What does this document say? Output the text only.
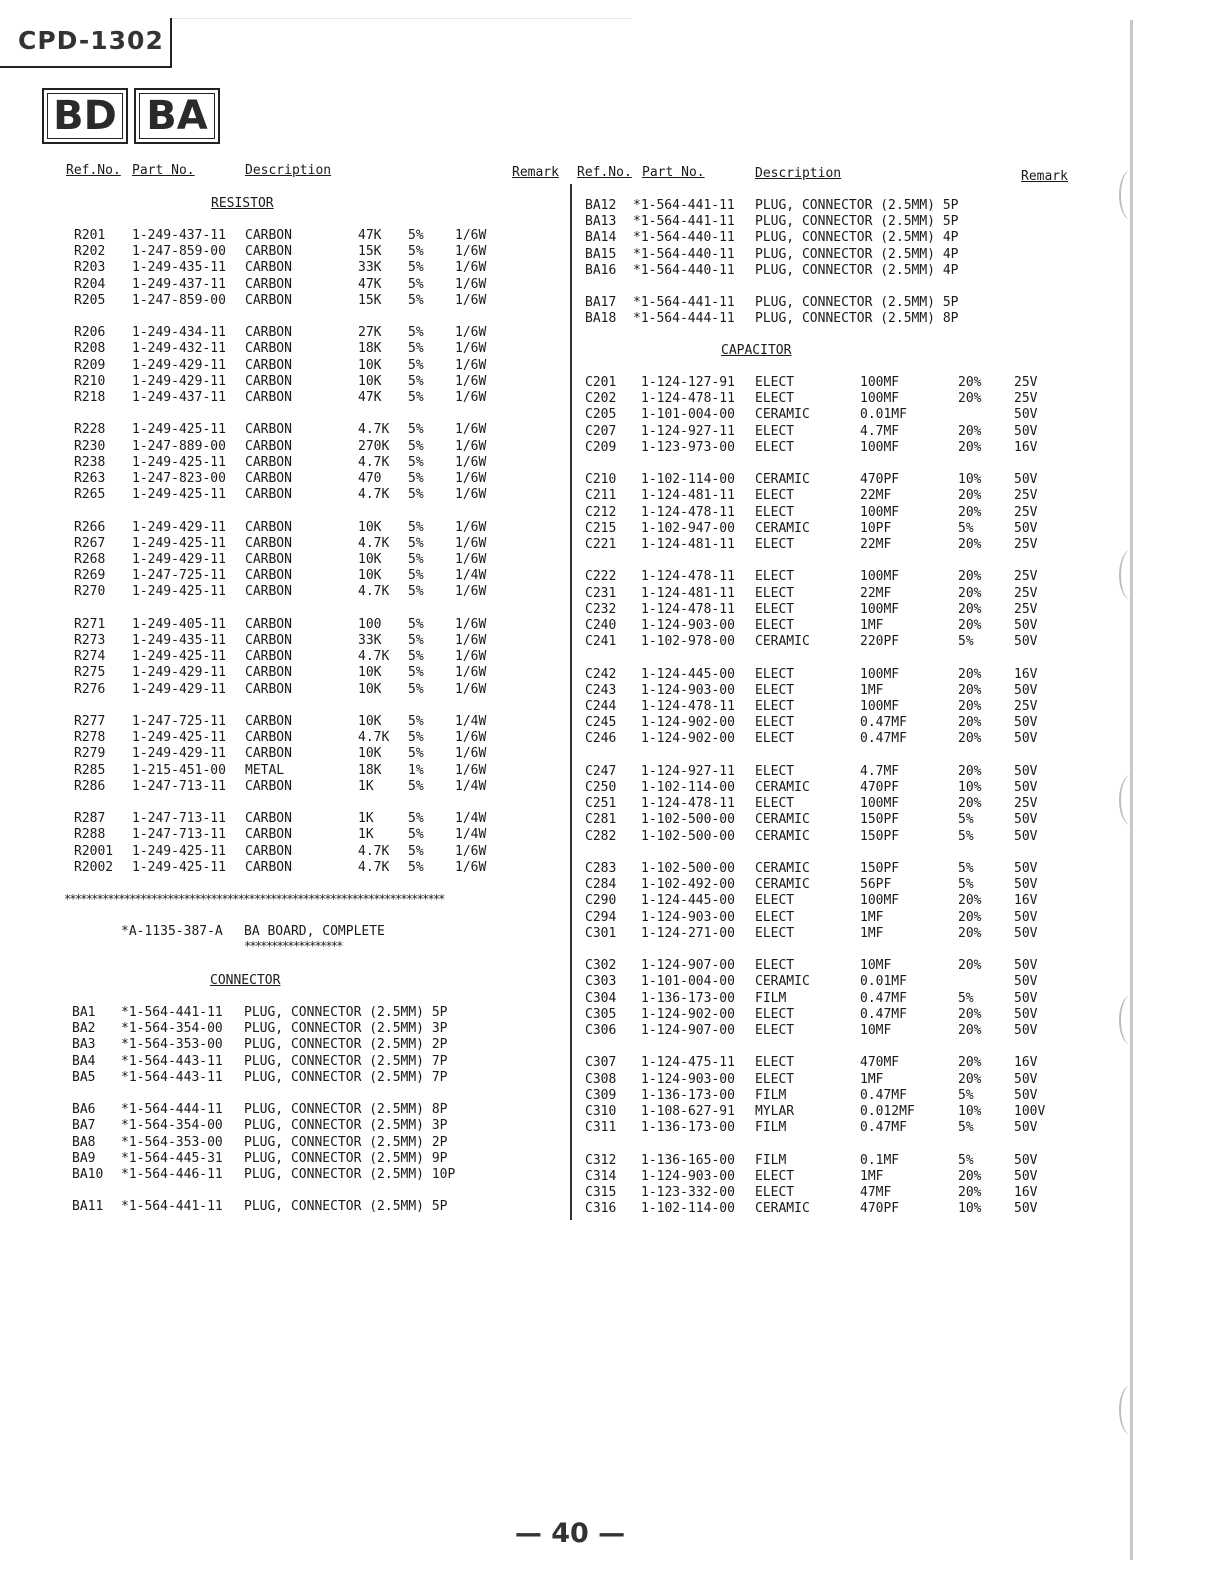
CPD-1302
BD BA
Ref.No. Part No.	Description	Remark Ref.No. Part No.	Description	Remark
RESISTOR
R201 1-249-437-11 CARBON	47K 5% 1/6W
R202 1-247-859-00 CARBON	15K 5% 1/6W
R203 1-249-435-11 CARBON	33K 5% 1/6W
R204 1-249-437-11 CARBON	47K 5% 1/6W
R205 1-247-859-00 CARBON	15K 5% 1/6W
R206 1-249-434-11 CARBON	27K 5% 1/6W
R208 1-249-432-11 CARBON	18K 5% 1/6W
R209 1-249-429-11 CARBON	10K 5% 1/6W
R210 1-249-429-11 CARBON	10K 5% 1/6W
R218 1-249-437-11 CARBON	47K 5% 1/6W
R228 1-249-425-11 CARBON	4.7K 5% 1/6W
R230 1-247-889-00 CARBON	270K 5% 1/6W
R238 1-249-425-11 CARBON	4.7K 5% 1/6W
R263 1-247-823-00 CARBON	470 5% 1/6W
R265 1-249-425-11 CARBON	4.7K 5% 1/6W
R266 1-249-429-11 CARBON	10K 5% 1/6W
R267 1-249-425-11 CARBON	4.7K 5% 1/6W
R268 1-249-429-11 CARBON	10K 5% 1/6W
R269 1-247-725-11 CARBON	10K 5% 1/4W
R270 1-249-425-11 CARBON	4.7K 5% 1/6W
R271 1-249-405-11 CARBON	100 5% 1/6W
R273 1-249-435-11 CARBON	33K 5% 1/6W
R274 1-249-425-11 CARBON	4.7K 5% 1/6W
R275 1-249-429-11 CARBON	10K 5% 1/6W
R276 1-249-429-11 CARBON	10K 5% 1/6W
R277 1-247-725-11 CARBON	10K 5% 1/4W
R278 1-249-425-11 CARBON	4.7K 5% 1/6W
R279 1-249-429-11 CARBON	10K 5% 1/6W
R285 1-215-451-00 METAL	18K 1% 1/6W
R286 1-247-713-11 CARBON	1K	5% 1/4W
R287 1-247-713-11 CARBON	1K	5% 1/4W
R288 1-247-713-11 CARBON	1K	5% 1/4W
R2001 1-249-425-11 CARBON	4.7K 5% 1/6W
R2002 1-249-425-11 CARBON	4.7K 5% 1/6W
**********************************************************************
*A-1135-387-A BA BOARD, COMPLETE
******************
CONNECTOR
BA1 *1-564-441-11 PLUG, CONNECTOR (2.5MM) 5P
BA2 *1-564-354-00 PLUG, CONNECTOR (2.5MM) 3P
BA3 *1-564-353-00 PLUG, CONNECTOR (2.5MM) 2P
BA4 *1-564-443-11 PLUG, CONNECTOR (2.5MM) 7P
BA5 *1-564-443-11 PLUG, CONNECTOR (2.5MM) 7P
BA6 *1-564-444-11 PLUG, CONNECTOR (2.5MM) 8P
BA7 *1-564-354-00 PLUG, CONNECTOR (2.5MM) 3P
BA8 *1-564-353-00 PLUG, CONNECTOR (2.5MM) 2P
BA9 *1-564-445-31 PLUG, CONNECTOR (2.5MM) 9P
BA10 *1-564-446-11 PLUG, CONNECTOR (2.5MM) 10P
BA11 *1-564-441-11 PLUG, CONNECTOR (2.5MM) 5P
BA12 *1-564-441-11 PLUG, CONNECTOR (2.5MM) 5P
BA13 *1-564-441-11 PLUG, CONNECTOR (2.5MM) 5P
BA14 *1-564-440-11 PLUG, CONNECTOR (2.5MM) 4P
BA15 *1-564-440-11 PLUG, CONNECTOR (2.5MM) 4P
BA16 *1-564-440-11 PLUG, CONNECTOR (2.5MM) 4P
BA17 *1-564-441-11 PLUG, CONNECTOR (2.5MM) 5P
BA18 *1-564-444-11 PLUG, CONNECTOR (2.5MM) 8P
CAPACITOR
C201 1-124-127-91 ELECT	100MF	20%	25V
C202 1-124-478-11 ELECT	100MF	20%	25V
C205 1-101-004-00 CERAMIC	0.01MF	50V
C207 1-124-927-11 ELECT	4.7MF	20%	50V
C209 1-123-973-00 ELECT	100MF	20%	16V
C210 1-102-114-00 CERAMIC	470PF	10%	50V
C211 1-124-481-11 ELECT	22MF	20%	25V
C212 1-124-478-11 ELECT	100MF	20%	25V
C215 1-102-947-00 CERAMIC	10PF	5%	50V
C221 1-124-481-11 ELECT	22MF	20%	25V
C222 1-124-478-11 ELECT	100MF	20%	25V
C231 1-124-481-11 ELECT	22MF	20%	25V
C232 1-124-478-11 ELECT	100MF	20%	25V
C240 1-124-903-00 ELECT	1MF	20%	50V
C241 1-102-978-00 CERAMIC	220PF	5%	50V
C242 1-124-445-00 ELECT	100MF	20%	16V
C243 1-124-903-00 ELECT	1MF	20%	50V
C244 1-124-478-11 ELECT	100MF	20%	25V
C245 1-124-902-00 ELECT	0.47MF	20%	50V
C246 1-124-902-00 ELECT	0.47MF	20%	50V
C247 1-124-927-11 ELECT	4.7MF	20%	50V
C250 1-102-114-00 CERAMIC	470PF	10%	50V
C251 1-124-478-11 ELECT	100MF	20%	25V
C281 1-102-500-00 CERAMIC	150PF	5%	50V
C282 1-102-500-00 CERAMIC	150PF	5%	50V
C283 1-102-500-00 CERAMIC	150PF	5%	50V
C284 1-102-492-00 CERAMIC	56PF	5%	50V
C290 1-124-445-00 ELECT	100MF	20%	16V
C294 1-124-903-00 ELECT	1MF	20%	50V
C301 1-124-271-00 ELECT	1MF	20%	50V
C302 1-124-907-00 ELECT	10MF	20%	50V
C303 1-101-004-00 CERAMIC	0.01MF	50V
C304 1-136-173-00 FILM	0.47MF	5%	50V
C305 1-124-902-00 ELECT	0.47MF	20%	50V
C306 1-124-907-00 ELECT	10MF	20%	50V
C307 1-124-475-11 ELECT	470MF	20%	16V
C308 1-124-903-00 ELECT	1MF	20%	50V
C309 1-136-173-00 FILM	0.47MF	5%	50V
C310 1-108-627-91 MYLAR	0.012MF	10%	100V
C311 1-136-173-00 FILM	0.47MF	5%	50V
C312 1-136-165-00 FILM	0.1MF	5%	50V
C314 1-124-903-00 ELECT	1MF	20%	50V
C315 1-123-332-00 ELECT	47MF	20%	16V
C316 1-102-114-00 CERAMIC	470PF	10%	50V
— 40 —
